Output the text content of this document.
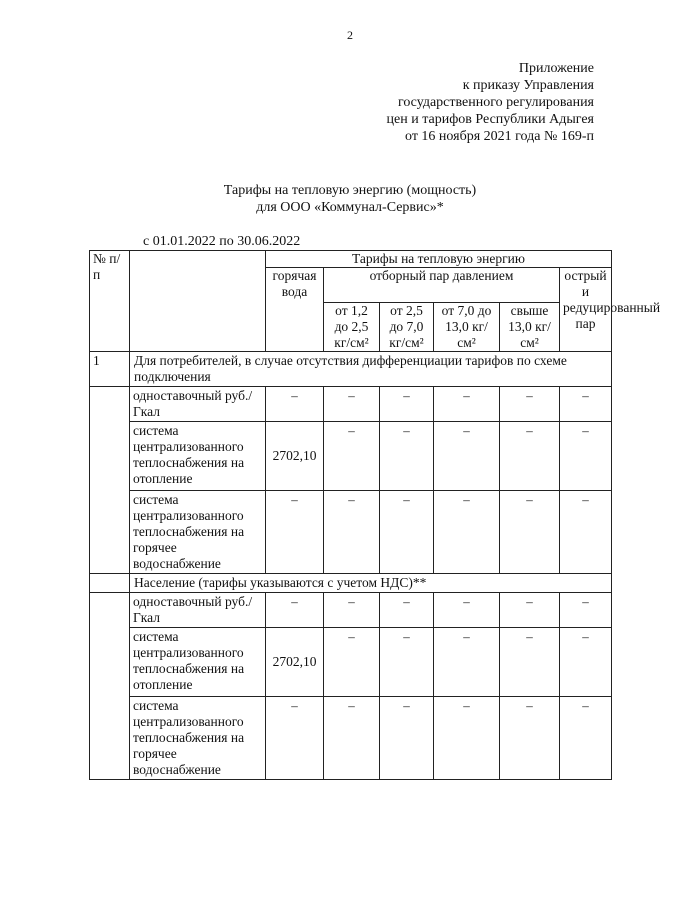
2
Приложение
к приказу Управления
государственного регулирования
цен и тарифов Республики Адыгея
от 16 ноября 2021 года № 169-п
Тарифы на тепловую энергию (мощность)
для ООО «Коммунал-Сервис»*
с 01.01.2022 по 30.06.2022
№ п/п		Тарифы на тепловую энергию					
		горячая вода	отборный пар давлением				острый и редуцированный пар
			от 1,2 до 2,5 кг/см²	от 2,5 до 7,0 кг/см²	от 7,0 до 13,0 кг/см²	свыше 13,0 кг/см²	
1	Для потребителей, в случае отсутствия дифференциации тарифов по схеме подключения						
	одноставочный руб./Гкал	–	–	–	–	–	–
	система централизованного теплоснабжения на отопление	2702,10	–	–	–	–	–
	система централизованного теплоснабжения на горячее водоснабжение	–	–	–	–	–	–
	Население (тарифы указываются с учетом НДС)**						
	одноставочный руб./Гкал	–	–	–	–	–	–
	система централизованного теплоснабжения на отопление	2702,10	–	–	–	–	–
	система централизованного теплоснабжения на горячее водоснабжение	–	–	–	–	–	–
